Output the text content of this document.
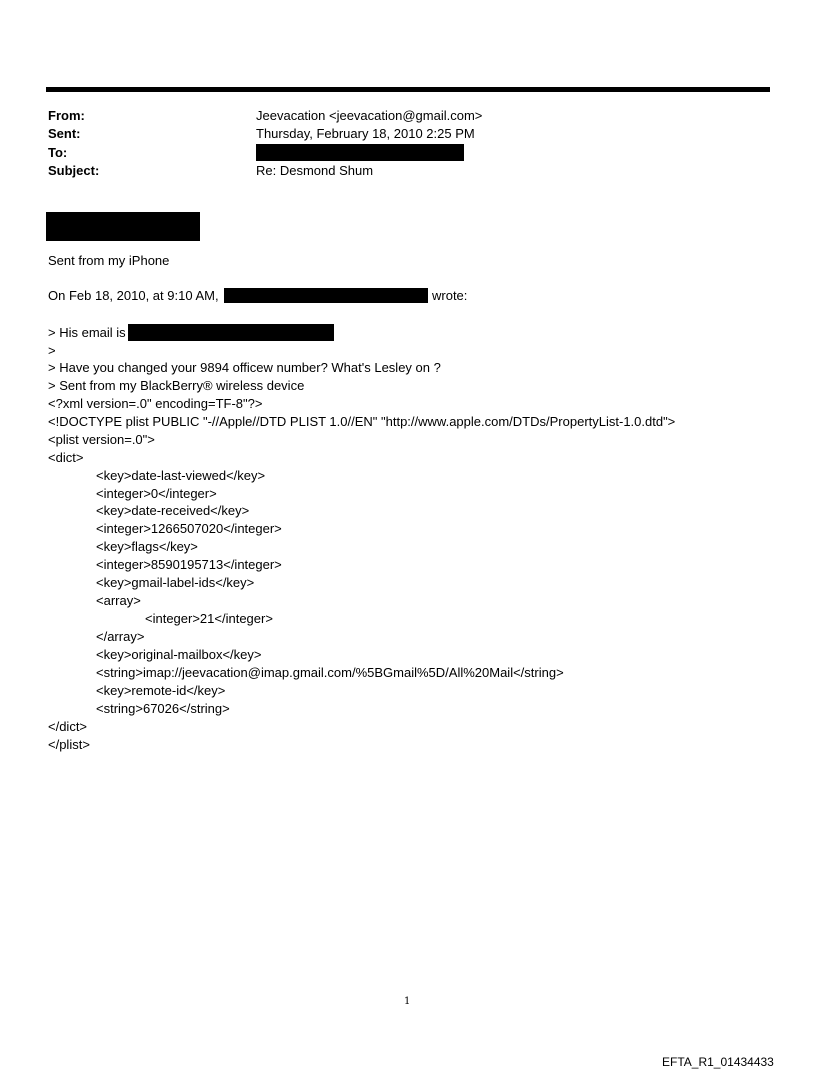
From:	Jeevacation <jeevacation@gmail.com>
Sent:	Thursday, February 18, 2010 2:25 PM
To:
Subject:	Re: Desmond Shum
Sent from my iPhone
On Feb 18, 2010, at 9:10 AM,	wrote:
> His email is
>
> Have you changed your 9894 officew number? What's Lesley on ?
> Sent from my BlackBerry® wireless device
<?xml version=.0" encoding=TF-8"?>
<!DOCTYPE plist PUBLIC "-//Apple//DTD PLIST 1.0//EN" "http://www.apple.com/DTDs/PropertyList-1.0.dtd">
<plist version=.0">
<dict>
<key>date-last-viewed</key>
<integer>0</integer>
<key>date-received</key>
<integer>1266507020</integer>
<key>flags</key>
<integer>8590195713</integer>
<key>gmail-label-ids</key>
<array>
<integer>21</integer>
</array>
<key>original-mailbox</key>
<string>imap://jeevacation@imap.gmail.com/%5BGmail%5D/All%20Mail</string>
<key>remote-id</key>
<string>67026</string>
</dict>
</plist>
1
EFTA_R1_01434433
